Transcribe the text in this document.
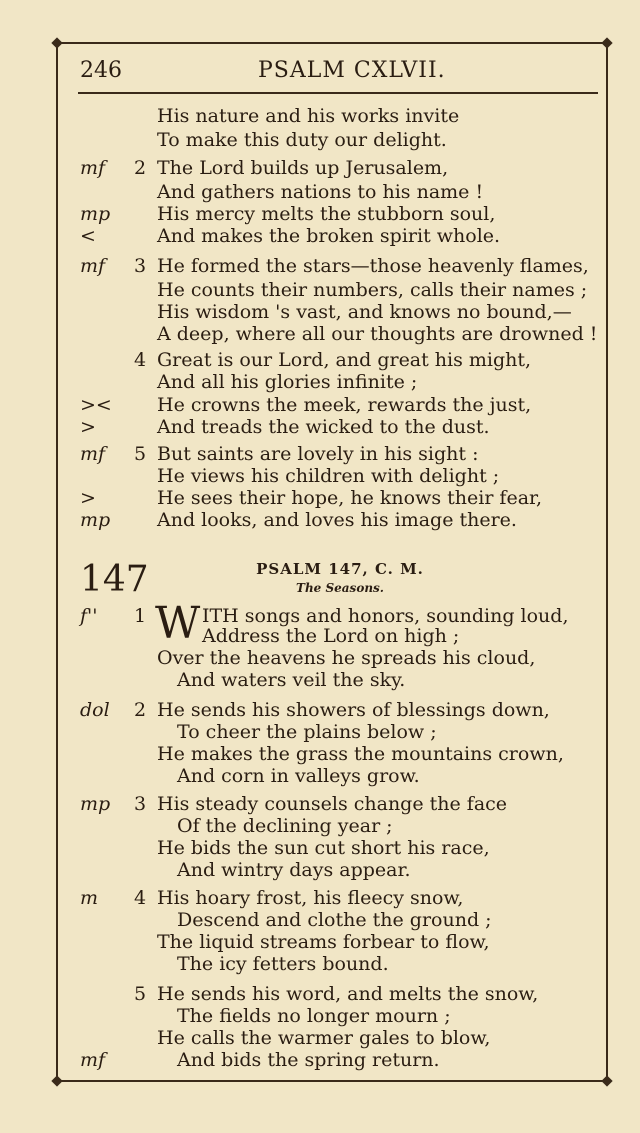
246	PSALM CXLVII.
His nature and his works invite
To make this duty our delight.
mf 2 The Lord builds up Jerusalem,
And gathers nations to his name !
mp His mercy melts the stubborn soul,
<	And makes the broken spirit whole.
mf 3 He formed the stars—those heavenly flames,
He counts their numbers, calls their names ;
His wisdom 's vast, and knows no bound,—
A deep, where all our thoughts are drowned !
4 Great is our Lord, and great his might,
And all his glories infinite ;
>< He crowns the meek, rewards the just,
>	And treads the wicked to the dust.
mf 5 But saints are lovely in his sight :
He views his children with delight ;
>	He sees their hope, he knows their fear,
mp And looks, and loves his image there.
147	PSALM 147, C. M.
The Seasons.
f'' 1 W ITH songs and honors, sounding loud,
Address the Lord on high ;
Over the heavens he spreads his cloud,
And waters veil the sky.
dol 2 He sends his showers of blessings down,
To cheer the plains below ;
He makes the grass the mountains crown,
And corn in valleys grow.
mp 3 His steady counsels change the face
Of the declining year ;
He bids the sun cut short his race,
And wintry days appear.
m 4 His hoary frost, his fleecy snow,
Descend and clothe the ground ;
The liquid streams forbear to flow,
The icy fetters bound.
5 He sends his word, and melts the snow,
The fields no longer mourn ;
He calls the warmer gales to blow,
mf	And bids the spring return.
